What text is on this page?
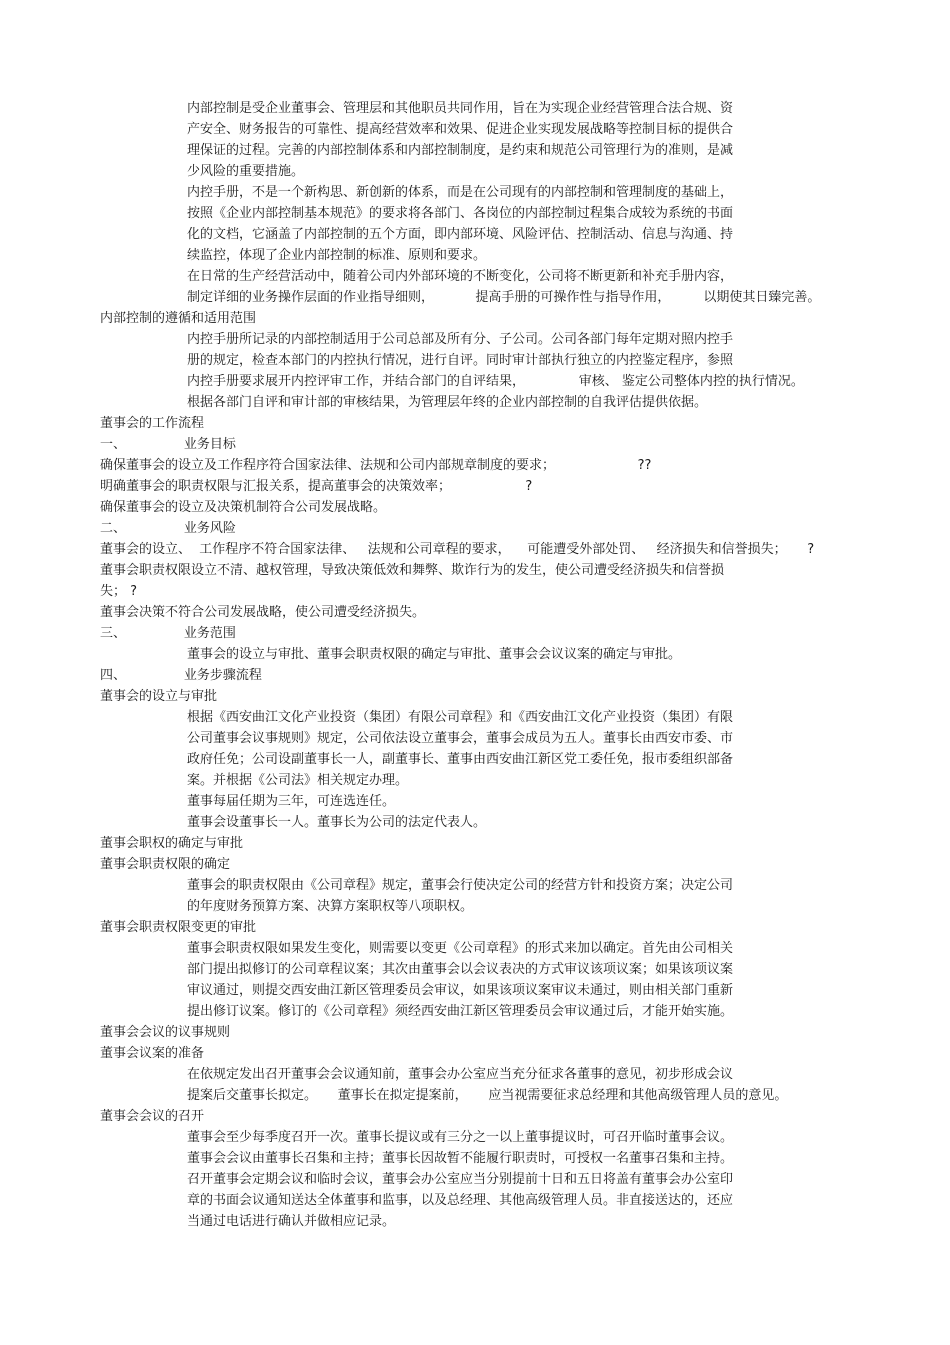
内部控制是受企业董事会、管理层和其他职员共同作用，旨在为实现企业经营管理合法合规、资

产安全、财务报告的可靠性、提高经营效率和效果、促进企业实现发展战略等控制目标的提供合

理保证的过程。完善的内部控制体系和内部控制制度，是约束和规范公司管理行为的准则，是减

少风险的重要措施。

内控手册，不是一个新构思、新创新的体系，而是在公司现有的内部控制和管理制度的基础上，

按照《企业内部控制基本规范》的要求将各部门、各岗位的内部控制过程集合成较为系统的书面

化的文档，它涵盖了内部控制的五个方面，即内部环境、风险评估、控制活动、信息与沟通、持

续监控，体现了企业内部控制的标准、原则和要求。

在日常的生产经营活动中，随着公司内外部环境的不断变化，公司将不断更新和补充手册内容，

制定详细的业务操作层面的作业指导细则，          提高手册的可操作性与指导作用，        以期使其日臻完善。

内部控制的遵循和适用范围

内控手册所记录的内部控制适用于公司总部及所有分、子公司。公司各部门每年定期对照内控手

册的规定，检查本部门的内控执行情况，进行自评。同时审计部执行独立的内控鉴定程序，参照

内控手册要求展开内控评审工作，并结合部门的自评结果，             审核、 鉴定公司整体内控的执行情况。

根据各部门自评和审计部的审核结果，为管理层年终的企业内部控制的自我评估提供依据。

董事会的工作流程

一、              业务目标

确保董事会的设立及工作程序符合国家法律、法规和公司内部规章制度的要求；                    ??

明确董事会的职责权限与汇报关系，提高董事会的决策效率；                  ?

确保董事会的设立及决策机制符合公司发展战略。

二、              业务风险

董事会的设立、  工作程序不符合国家法律、   法规和公司章程的要求，    可能遭受外部处罚、   经济损失和信誉损失；     ?

董事会职责权限设立不清、越权管理，导致决策低效和舞弊、欺诈行为的发生，使公司遭受经济损失和信誉损

失； ?

董事会决策不符合公司发展战略，使公司遭受经济损失。

三、              业务范围

董事会的设立与审批、董事会职责权限的确定与审批、董事会会议议案的确定与审批。

四、              业务步骤流程

董事会的设立与审批

根据《西安曲江文化产业投资（集团）有限公司章程》和《西安曲江文化产业投资（集团）有限

公司董事会议事规则》规定，公司依法设立董事会，董事会成员为五人。董事长由西安市委、市

政府任免；公司设副董事长一人，副董事长、董事由西安曲江新区党工委任免，报市委组织部备

案。并根据《公司法》相关规定办理。

董事每届任期为三年，可连选连任。

董事会设董事长一人。董事长为公司的法定代表人。

董事会职权的确定与审批

董事会职责权限的确定

董事会的职责权限由《公司章程》规定，董事会行使决定公司的经营方针和投资方案；决定公司

的年度财务预算方案、决算方案职权等八项职权。

董事会职责权限变更的审批

董事会职责权限如果发生变化，则需要以变更《公司章程》的形式来加以确定。首先由公司相关

部门提出拟修订的公司章程议案；其次由董事会以会议表决的方式审议该项议案；如果该项议案

审议通过，则提交西安曲江新区管理委员会审议，如果该项议案审议未通过，则由相关部门重新

提出修订议案。修订的《公司章程》须经西安曲江新区管理委员会审议通过后，才能开始实施。

董事会会议的议事规则

董事会议案的准备

在依规定发出召开董事会会议通知前，董事会办公室应当充分征求各董事的意见，初步形成会议

提案后交董事长拟定。     董事长在拟定提案前，     应当视需要征求总经理和其他高级管理人员的意见。

董事会会议的召开

董事会至少每季度召开一次。董事长提议或有三分之一以上董事提议时，可召开临时董事会议。

董事会会议由董事长召集和主持；董事长因故暂不能履行职责时，可授权一名董事召集和主持。

召开董事会定期会议和临时会议，董事会办公室应当分别提前十日和五日将盖有董事会办公室印

章的书面会议通知送达全体董事和监事，以及总经理、其他高级管理人员。非直接送达的，还应

当通过电话进行确认并做相应记录。
